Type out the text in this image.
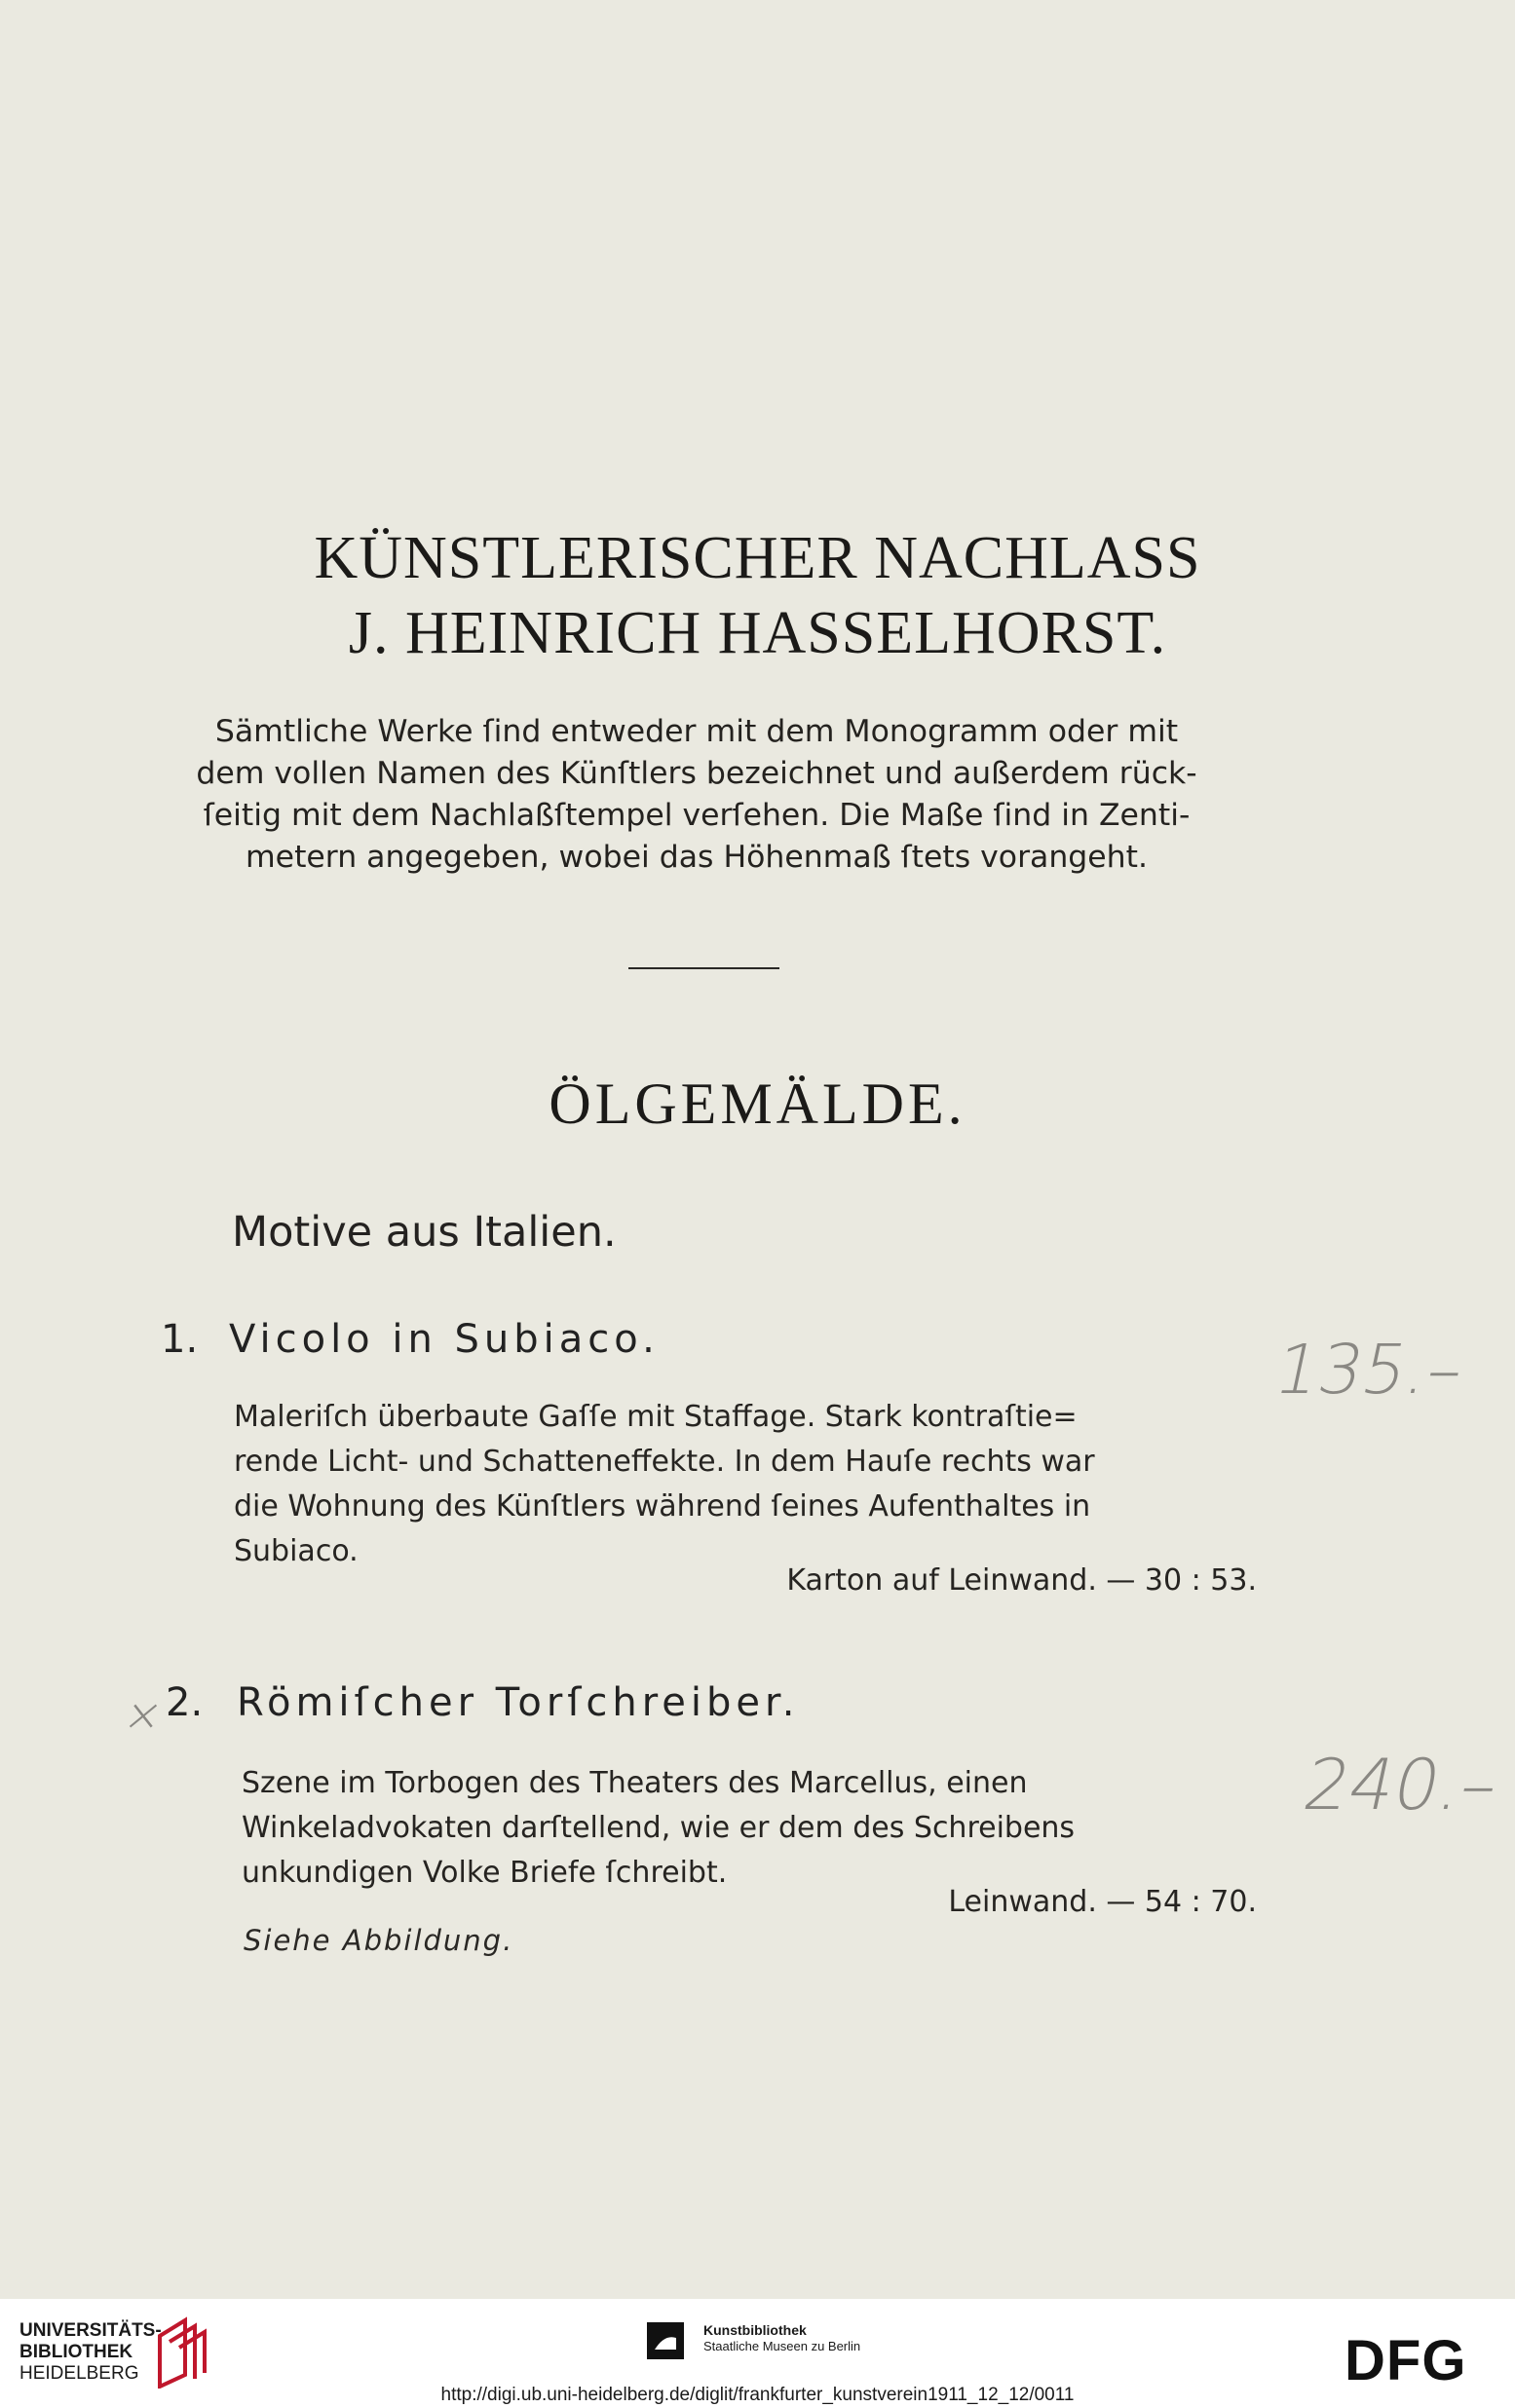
KÜNSTLERISCHER NACHLASS
J. HEINRICH HASSELHORST.
Sämtliche Werke ſind entweder mit dem Monogramm oder mit
dem vollen Namen des Künſtlers bezeichnet und außerdem rück-
ſeitig mit dem Nachlaßſtempel verſehen. Die Maße ſind in Zenti-
metern angegeben, wobei das Höhenmaß ſtets vorangeht.
ÖLGEMÄLDE.
Motive aus Italien.
1. Vicolo in Subiaco.	135.–
Maleriſch überbaute Gaſſe mit Staffage. Stark kontraſtie=
rende Licht- und Schatteneffekte. In dem Hauſe rechts war
die Wohnung des Künſtlers während ſeines Aufenthaltes in
Subiaco.
Karton auf Leinwand. — 30 : 53.
×
2. Römiſcher Torſchreiber.
240.–
Szene im Torbogen des Theaters des Marcellus, einen
Winkeladvokaten darſtellend, wie er dem des Schreibens
unkundigen Volke Briefe ſchreibt.
Leinwand. — 54 : 70.
Siehe Abbildung.
UNIVERSITÄTS-
BIBLIOTHEK
HEIDELBERG
Kunstbibliothek
Staatliche Museen zu Berlin	DFG
http://digi.ub.uni-heidelberg.de/diglit/frankfurter_kunstverein1911_12_12/0011
